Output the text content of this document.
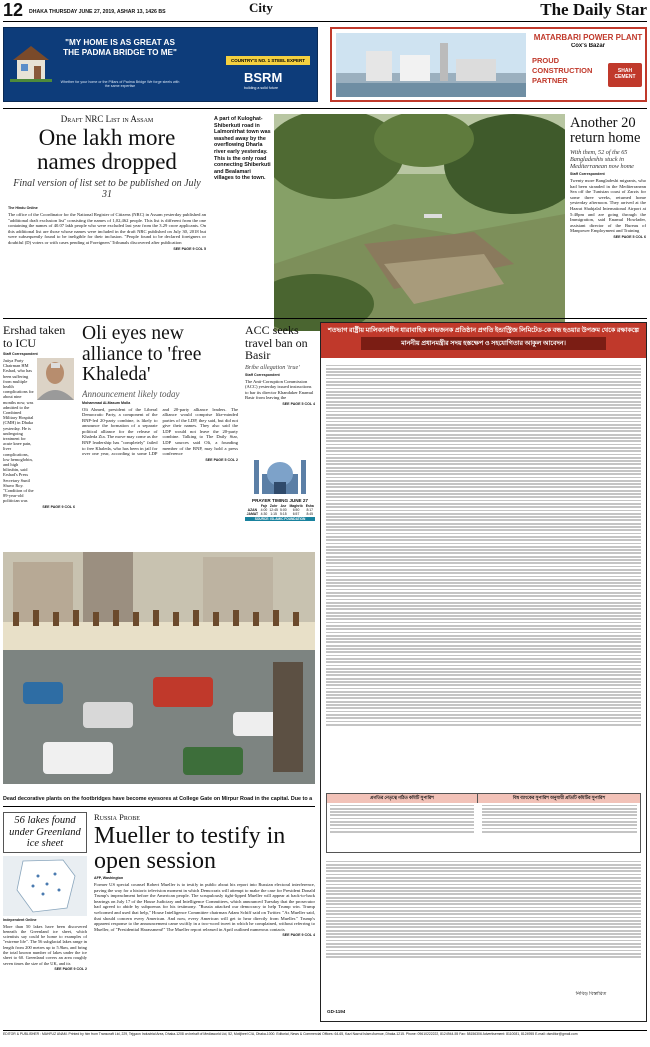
12 DHAKA THURSDAY JUNE 27, 2019, ASHAR 13, 1426 BS	City	The Daily Star
"MY HOME IS AS GREAT AS THE PADMA BRIDGE TO ME"
Whether for your home or the Pillars of Padma Bridge We forge steels with the same expertise
COUNTRY'S NO. 1 STEEL EXPERT
BSRM
building a solid future
MATARBARI POWER PLANT
Cox's Bazar
PROUD
CONSTRUCTION
PARTNER
SHAH CEMENT
Draft NRC List in Assam
One lakh more names dropped
Final version of list set to be published on July 31
The Hindu Online
The office of the Coordinator for the National Register of Citizens (NRC) in Assam yesterday published an "additional draft exclusion list" consisting the names of 1,02,462 people. This list is different from the one containing the names of 40.07 lakh people who were excluded last year from the 3.29 crore applicants. On this additional list are those whose names were included in the draft NRC published on July 30, 2018 but were subsequently found to be ineligible for their inclusion. "People found to be declared foreigners or doubtful (D) voters or with cases pending at Foreigners' Tribunals discovered after publication
SEE PAGE 9 COL 5
A part of Kuloghat-Shiberkuti road in Lalmonirhat town was washed away by the overflowing Dharla river early yesterday. This is the only road connecting Shiberkuti and Bealamari villages to the town.
Another 20 return home
With them, 52 of the 65 Bangladeshis stuck in Mediterranean now home
Staff Correspondent
Twenty more Bangladeshi migrants, who had been stranded in the Mediterranean Sea off the Tunisian coast of Zarzis for some three weeks, returned home yesterday afternoon. They arrived at the Hazrat Shahjalal International Airport at 5:40pm and are going through the Immigration, said Enamul Howlader, assistant director of the Bureau of Manpower Employment and Training
SEE PAGE 5 COL 6
Ershad taken to ICU
Staff Correspondent
Jatiya Party Chairman HM Ershad, who has been suffering from multiple health complications for about nine months now, was admitted to the Combined Military Hospital (CMH) in Dhaka yesterday. He is undergoing treatment for acute knee pain, liver complications, low hemoglobin, and high bilirubin, said Ershad's Press Secretary Sunil Shuvo Roy. "Condition of the 89-year-old politician was
SEE PAGE 9 COL 6
Oli eyes new alliance to 'free Khaleda'
Announcement likely today
Mohammad Al-Masum Molla
Oli Ahmed, president of the Liberal Democratic Party, a component of the BNP-led 20-party combine, is likely to announce the formation of a separate political alliance for the release of Khaleda Zia. The move may come as the BNP leadership has "completely" failed to free Khaleda, who has been in jail for over one year, according to some LDP and 20-party alliance leaders. The alliance would comprise like-minded parties of the LDP, they said, but did not give their names. They also said the LDP would not leave the 20-party combine. Talking to The Daily Star, LDP sources said Oli, a founding member of the BNP, may hold a press conference
SEE PAGE 5 COL 2
ACC seeks travel ban on Basir
Bribe allegation 'true'
Staff Correspondent
The Anti-Corruption Commission (ACC) yesterday issued instructions to bar its director Khandaker Enamul Basir from leaving the
SEE PAGE 5 COL 4
PRAYER TIMING JUNE 27
	Fajr	Zohr	Asr	Maghrib	Esha
AZAN	4:00	12:45	5:00	6:50	8:17
JAMAT	4:30	1:15	5:15	6:57	8:45
SOURCE: ISLAMIC FOUNDATION
শতভাগ রাষ্ট্রীয় মালিকানাধীন ধারাবাহিক লাভজনক প্রতিষ্ঠান প্রগতি ইন্ডাস্ট্রিজ লিমিটেড-কে বন্ধ হওয়ার উপক্রম থেকে রক্ষাকল্পে
মাননীয় প্রধানমন্ত্রীর সদয় হস্তক্ষেপ ও সহযোগিতার আকুল আবেদন।
প্রগতির নেতৃত্বে গঠিত কমিটি সুপারিশ	বিশ্ব ব্যাংকের সুপারিশ অনুযায়ী প্রতিটি কমিটির সুপারিশ
নিবিড় বিস্তারিত
GD-1194
Dead decorative plants on the footbridges have become eyesores at College Gate on Mirpur Road in the capital. Due to a
56 lakes found under Greenland ice sheet
Independent Online
More than 50 lakes have been discovered beneath the Greenland ice sheet, which scientists say could be home to examples of "extreme life". The 56 subglacial lakes range in length from 200 metres up to 5.9km, and bring the total known number of lakes under the ice sheet to 60. Greenland covers an area roughly seven times the size of the UK, and its
SEE PAGE 9 COL 2
Russia Probe
Mueller to testify in open session
AFP, Washington
Former US special counsel Robert Mueller is to testify in public about his report into Russian electoral interference, paving the way for a historic television moment in which Democrats will attempt to make the case for President Donald Trump's impeachment before the American people. The scrupulously tight-lipped Mueller will appear at back-to-back hearings on July 17 of the House Judiciary and Intelligence Committees, which announced Tuesday that the prosecutor had agreed to abide by subpoenas for his testimony. "Russia attacked our democracy to help Trump win. Trump welcomed and used that help," House Intelligence Committee chairman Adam Schiff said on Twitter. "As Mueller said, that should concern every American. And now, every American will get to hear directly from Mueller." Trump's apparent response to the announcement came swiftly in a two-word tweet in which he complained, without referring to Mueller, of "Presidential Harassment!" The Mueller report released in April outlined numerous contacts
SEE PAGE 9 COL 4
EDITOR & PUBLISHER : MAHFUZ ANAM. Printed by him from Transcraft Ltd, 229, Tejgaon Industrial Area, Dhaka-1208 on behalf of Mediaworld Ltd, 52, Motijheel C/A, Dhaka-1000. Editorial, News & Commercial Offices: 64-65, Kazi Nazrul Islam Avenue, Dhaka-1215. Phone: 09610222222, 8124944-55 Fax: 58156306 Advertisement: 8110081, 8124955 E-mail: dseditor@gmail.com
